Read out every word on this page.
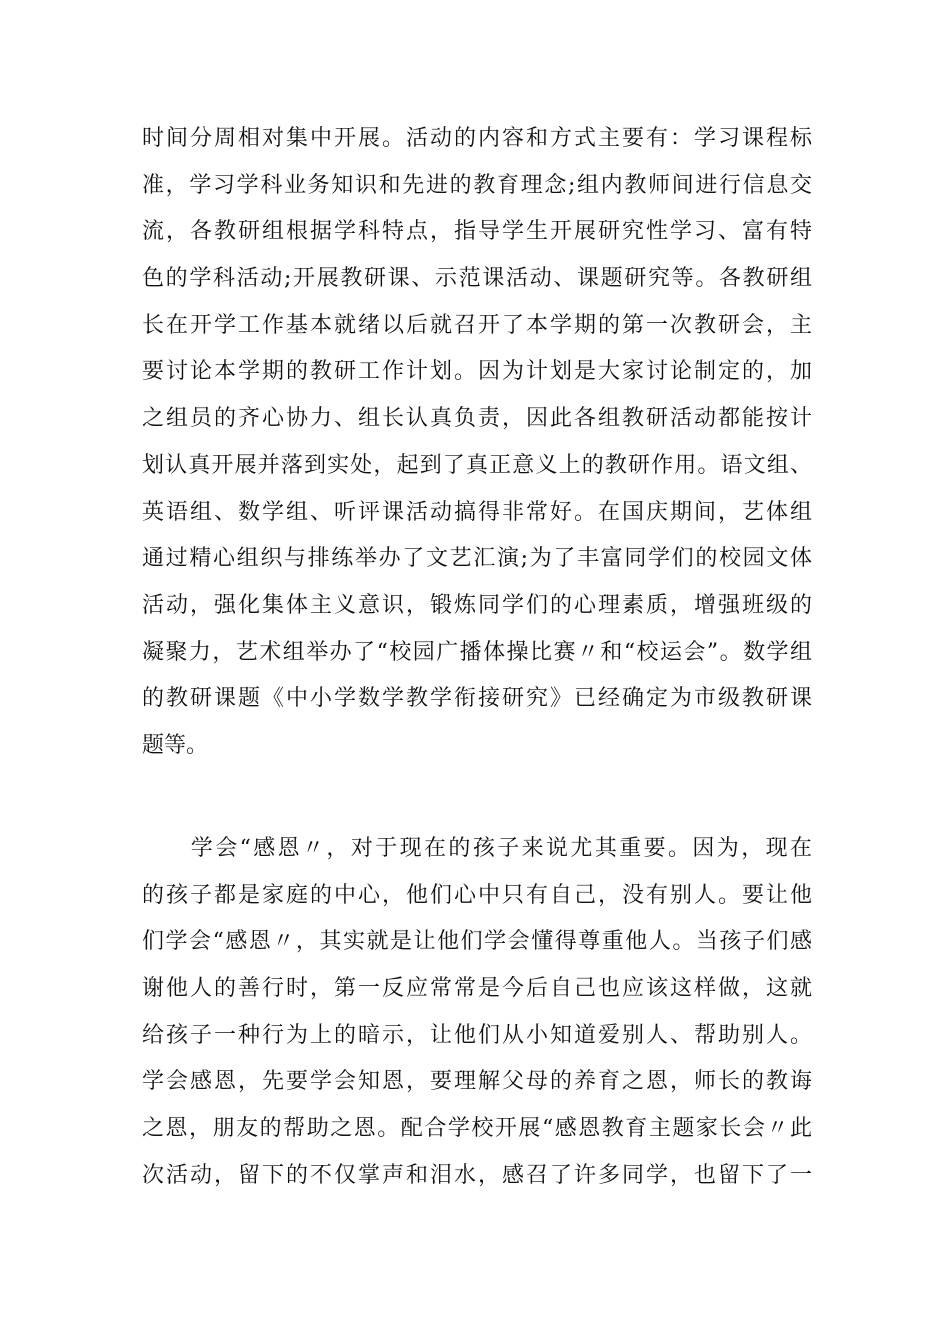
时间分周相对集中开展。活动的内容和方式主要有：学习课程标
准，学习学科业务知识和先进的教育理念;组内教师间进行信息交
流，各教研组根据学科特点，指导学生开展研究性学习、富有特
色的学科活动;开展教研课、示范课活动、课题研究等。各教研组
长在开学工作基本就绪以后就召开了本学期的第一次教研会，主
要讨论本学期的教研工作计划。因为计划是大家讨论制定的，加
之组员的齐心协力、组长认真负责，因此各组教研活动都能按计
划认真开展并落到实处，起到了真正意义上的教研作用。语文组、
英语组、数学组、听评课活动搞得非常好。在国庆期间，艺体组
通过精心组织与排练举办了文艺汇演;为了丰富同学们的校园文体
活动，强化集体主义意识，锻炼同学们的心理素质，增强班级的
凝聚力，艺术组举办了“校园广播体操比赛〃和“校运会”。数学组
的教研课题《中小学数学教学衔接研究》已经确定为市级教研课
题等。
　　学会“感恩〃，对于现在的孩子来说尤其重要。因为，现在
的孩子都是家庭的中心，他们心中只有自己，没有别人。要让他
们学会“感恩〃，其实就是让他们学会懂得尊重他人。当孩子们感
谢他人的善行时，第一反应常常是今后自己也应该这样做，这就
给孩子一种行为上的暗示，让他们从小知道爱别人、帮助别人。
学会感恩，先要学会知恩，要理解父母的养育之恩，师长的教诲
之恩，朋友的帮助之恩。配合学校开展“感恩教育主题家长会〃此
次活动，留下的不仅掌声和泪水，感召了许多同学，也留下了一
